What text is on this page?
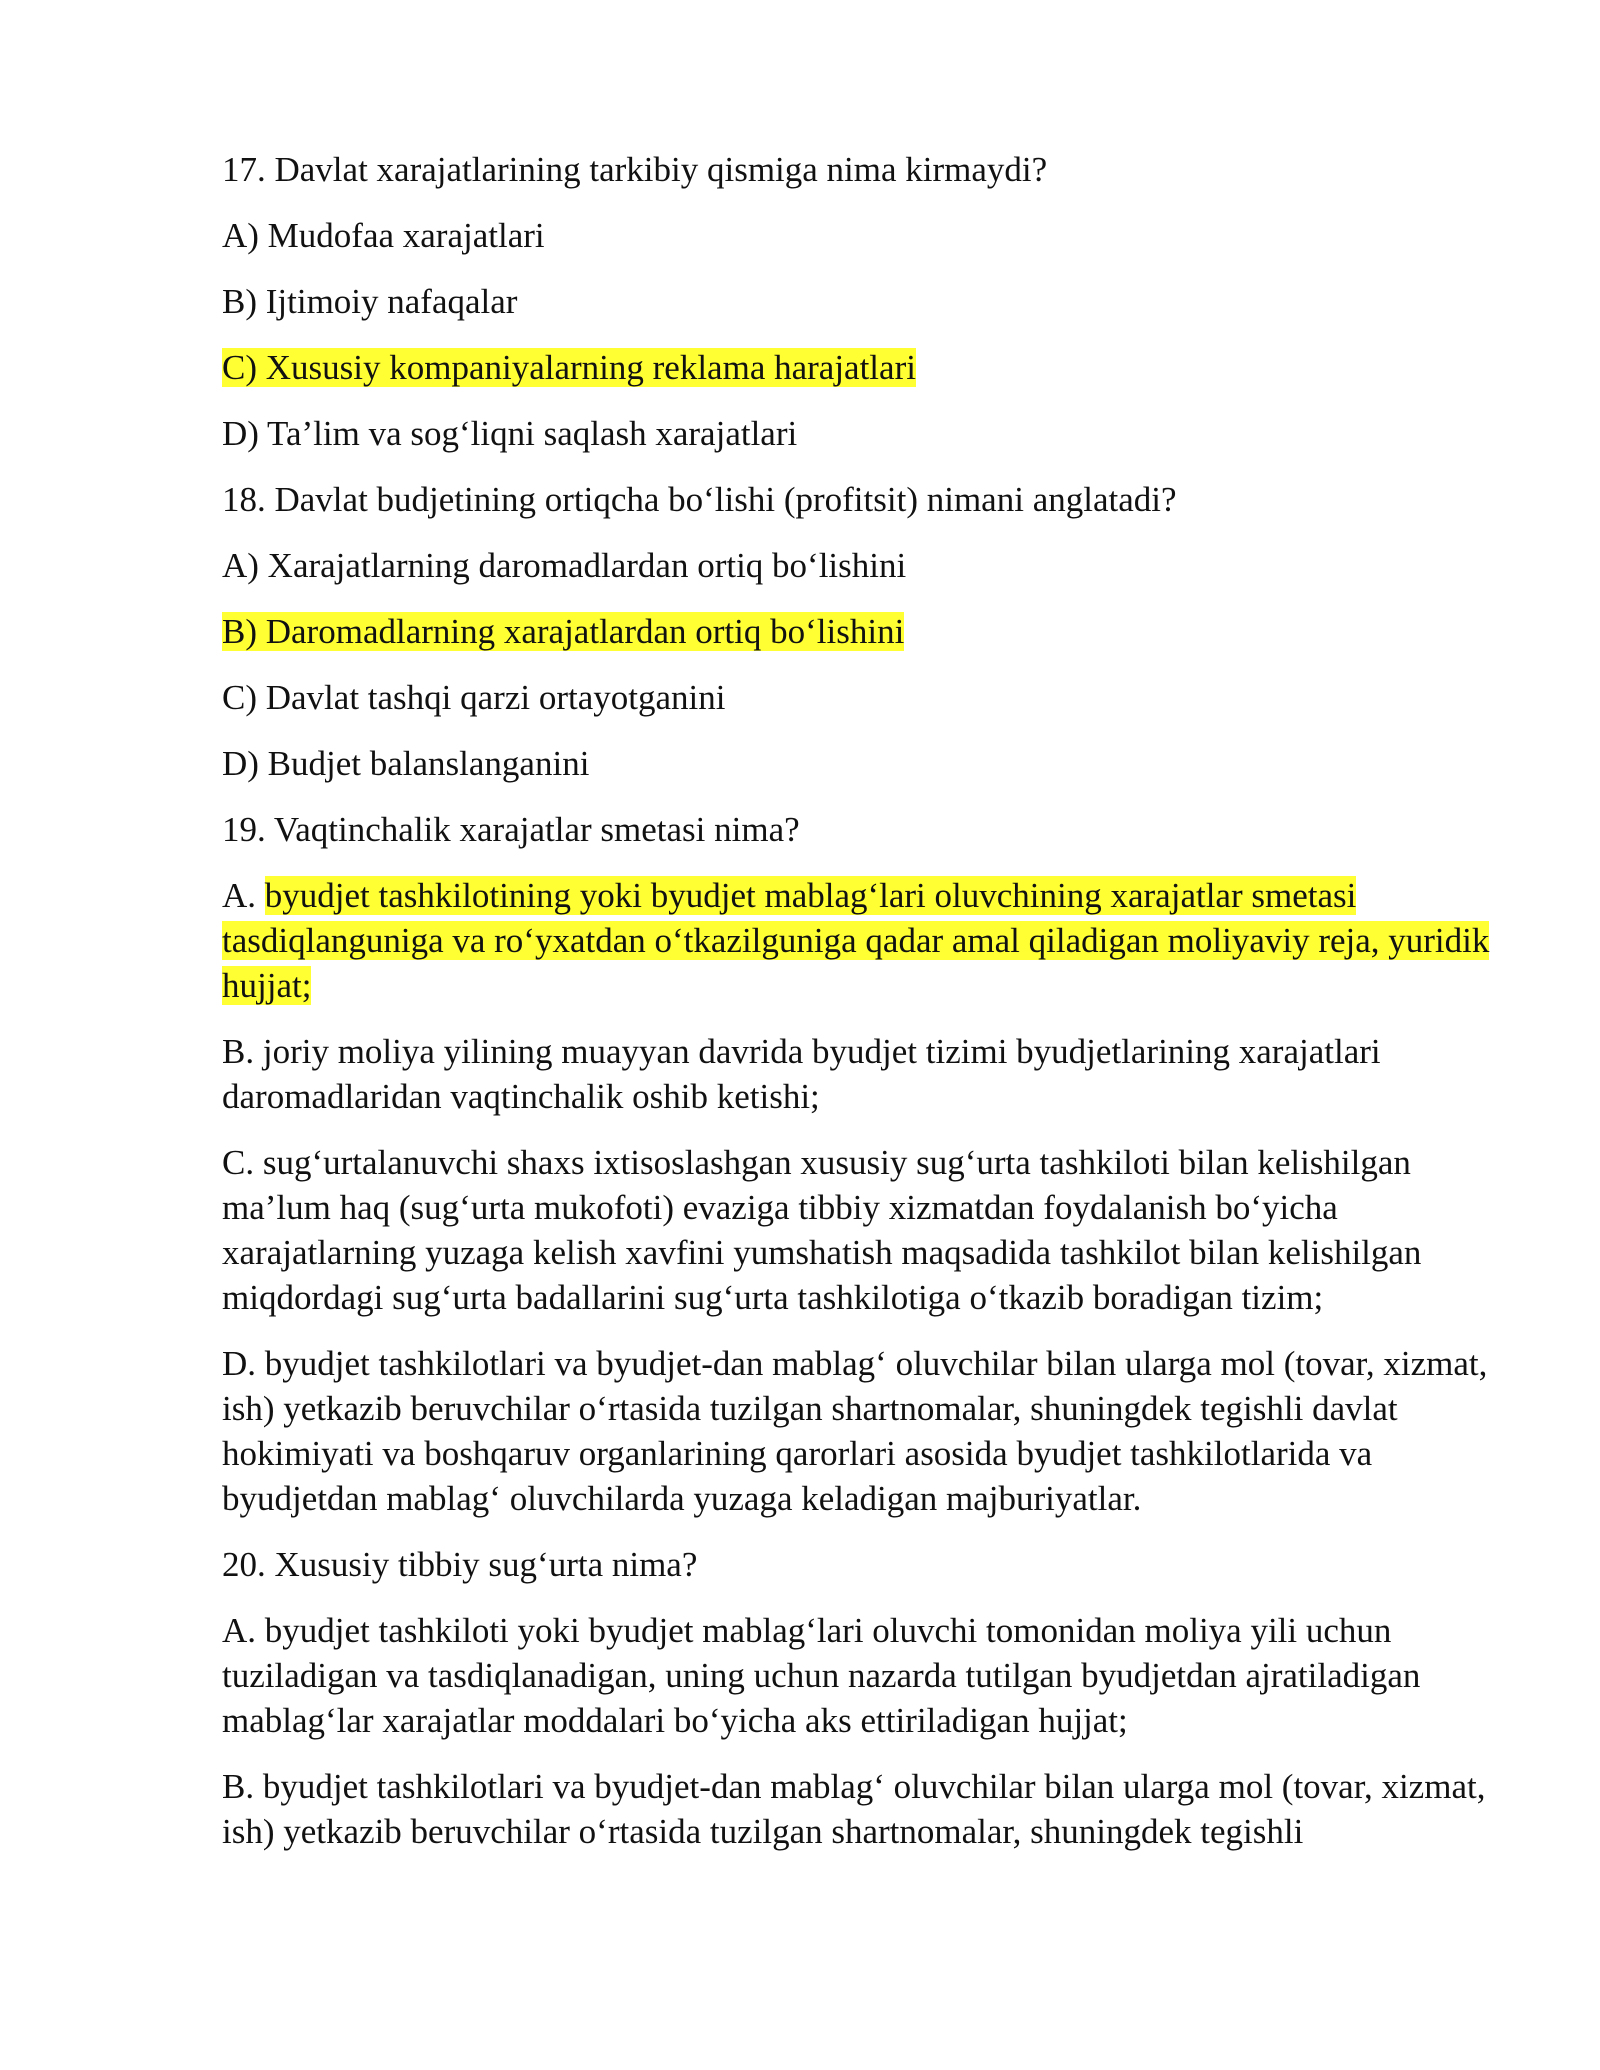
17. Davlat xarajatlarining tarkibiy qismiga nima kirmaydi?

A) Mudofaa xarajatlari

B) Ijtimoiy nafaqalar

C) Xususiy kompaniyalarning reklama harajatlari

D) Ta’lim va sog‘liqni saqlash xarajatlari

18. Davlat budjetining ortiqcha bo‘lishi (profitsit) nimani anglatadi?

A) Xarajatlarning daromadlardan ortiq bo‘lishini

B) Daromadlarning xarajatlardan ortiq bo‘lishini

C) Davlat tashqi qarzi ortayotganini

D) Budjet balanslanganini

19. Vaqtinchalik xarajatlar smetasi nima?

A. byudjet tashkilotining yoki byudjet mablag‘lari oluvchining xarajatlar smetasi tasdiqlanguniga va ro‘yxatdan o‘tkazilguniga qadar amal qiladigan moliyaviy reja, yuridik hujjat;

B. joriy moliya yilining muayyan davrida byudjet tizimi byudjetlarining xarajatlari daromadlaridan vaqtinchalik oshib ketishi;

C. sug‘urtalanuvchi shaxs ixtisoslashgan xususiy sug‘urta tashkiloti bilan kelishilgan ma’lum haq (sug‘urta mukofoti) evaziga tibbiy xizmatdan foydalanish bo‘yicha xarajatlarning yuzaga kelish xavfini yumshatish maqsadida tashkilot bilan kelishilgan miqdordagi sug‘urta badallarini sug‘urta tashkilotiga o‘tkazib boradigan tizim;

D. byudjet tashkilotlari va byudjet-dan mablag‘ oluvchilar bilan ularga mol (tovar, xizmat, ish) yetkazib beruvchilar o‘rtasida tuzilgan shartnomalar, shuningdek tegishli davlat hokimiyati va boshqaruv organlarining qarorlari asosida byudjet tashkilotlarida va byudjetdan mablag‘ oluvchilarda yuzaga keladigan majburiyatlar.

20. Xususiy tibbiy sug‘urta nima?

A. byudjet tashkiloti yoki byudjet mablag‘lari oluvchi tomonidan moliya yili uchun tuziladigan va tasdiqlanadigan, uning uchun nazarda tutilgan byudjetdan ajratiladigan mablag‘lar xarajatlar moddalari bo‘yicha aks ettiriladigan hujjat;

B. byudjet tashkilotlari va byudjet-dan mablag‘ oluvchilar bilan ularga mol (tovar, xizmat, ish) yetkazib beruvchilar o‘rtasida tuzilgan shartnomalar, shuningdek tegishli
